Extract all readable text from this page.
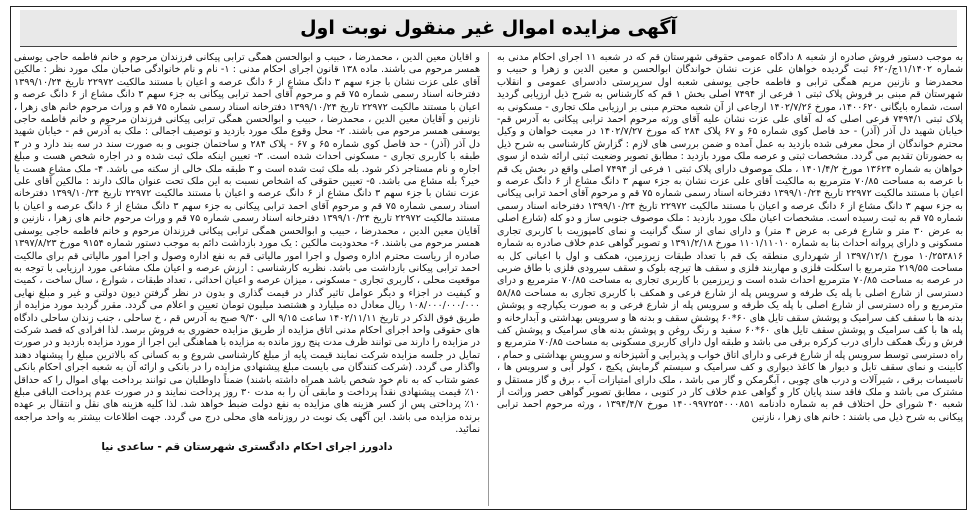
آگهی مزایده اموال غیر منقول نوبت اول

به موجب دستور فروش صادره از شعبه ۸ دادگاه عمومی حقوقی شهرستان قم که در شعبه ۱۱ اجرای احکام مدنی به شماره ۱۱/۱۴۰۲ج/۶۲۰ ثبت گردیده خواهان علی عزت نشان خواندگان ابوالحسن و معین الدین و زهرا و حبیب و محمدرضا و نازنین مریم همگی ترابی و فاطمه حاجی یوسفی شعبه اول سرپرستی دادسرای عمومی و انقلاب شهرستان قم مبنی بر فروش پلاک ثبتی ۱ فرعی از ۷۴۹۴ اصلی بخش ۱ قم که کارشناس به شرح ذیل ارزیابی گردید است، شماره بایگانی ۱۴۰۰۶۲۰، مورخ ۱۴۰۲/۷/۲۶ ارجاعی از آن شعبه محترم مبنی بر ارزیابی ملک تجاری - مسکونی به پلاک ثبتی ۷۴۹۴/۱ فرعی اصلی که له آقای علی عزت نشان علیه آقای ورثه مرحوم احمد ترابی پیکانی به آدرس قم- خیابان شهید دل آذر (آذر) - حد فاصل کوی شماره ۶۵ و ۶۷ پلاک ۲۸۴ که مورخ ۱۴۰۲/۷/۲۷ در معیت خواهان و وکیل محترم خواندگان از محل معرفی شده بازدید به عمل آمده و ضمن بررسی های لازم : گزارش کارشناسی به شرح ذیل به حضورتان تقدیم می گردد. مشخصات ثبتی و عرصه ملک مورد بازدید : مطابق تصویر وضعیت ثبتی ارائه شده از سوی خواهان به شماره ۱۳۶۲۴ مورخ ۱۴۰۱/۴/۲ ، ملک موصوف دارای پلاک ثبتی ۱ فرعی از ۷۴۹۴ اصلی واقع در بخش یک قم با عرصه به مساحت ۷۰/۸۵ مترمربع به مالکیت آقای علی عزت نشان به جزء سهم ۳ دانگ مشاع از ۶ دانگ عرصه و اعیان با مستند مالکیت ۲۲۹۷۲ تاریخ ۱۳۹۹/۱۰/۲۴ دفترخانه اسناد رسمی شماره ۷۵ قم و مرحوم آقای احمد ترابی پیکانی به جزء سهم ۳ دانگ مشاع از ۶ دانگ عرصه و اعیان با مستند مالکیت ۲۲۹۷۲ تاریخ ۱۳۹۹/۱۰/۲۴ دفترخانه اسناد رسمی شماره ۷۵ قم به ثبت رسیده است. مشخصات اعیان ملک مورد بازدید : ملک موصوف جنوبی ساز و دو کله (شارع اصلی به عرض ۳۰ متر و شارع فرعی به عرض ۴ متر) و دارای نمای از سنگ گرانیت و نمای کامپوزیت با کاربری تجاری مسکونی و دارای پروانه احداث بنا به شماره ۱۱۰۱/۱۱۰۱۰ مورخ ۱۳۹۱/۲/۱۸ و تصویر گواهی عدم خلاف صادره به شماره ۱۰/۲۵۳۸۱۶ مورخ ۱۳۹۷/۱۲/۱ از شهرداری منطقه یک قم با تعداد طبقات زیرزمین، همکف و اول با اعیانی کل به مساحت ۲۱۹/۵۵ مترمربع با اسکلت فلزی و مهاربند فلزی و سقف ها تیرچه بلوک و سقف سیرودی فلزی با طاق ضربی در عرصه به مساحت ۷۰/۸۵ مترمربع احداث شده است و زیرزمین با کاربری تجاری به مساحت ۷۰/۸۵ مترمربع و درای دسترسی از شارع اصلی با پله یک طرفه و سرویس پله از شارع فرعی و همکف با کاربری تجاری به مساحت ۵۸/۸۵ مترمربع و راه دسترسی از شارع اصلی با پله یک طرفه و سرویس پله از شارع فرعی و به صورت یکپارچه و پوشش بدنه ها با سقف کف سرامیک و پوشش سقف تایل های ۶۰*۶۰ پوشش سقف و بدنه ها و سرویس بهداشتی و آبدارخانه و پله ها با کف سرامیک و پوشش سقف تایل های ۶۰*۶۰ سفید و رنگ روغن و پوشش بدنه های سرامیک و پوشش کف فرش و رنگ همکف دارای درب کرکره برقی می باشد و طبقه اول دارای کاربری مسکونی به مساحت ۷۰/۸۵ مترمربع و راه دسترسی توسط سرویس پله از شارع فرعی و دارای اتاق خواب و پذیرایی و آشپزخانه و سرویس بهداشتی و حمام ، کابینت و نمای سقف تایل و دیوار ها کاغذ دیواری و کف سرامیک و سیستم گرمایش پکیج ، کولر آبی و سرویس ها ، تاسیسات برقی ، شیرآلات و درب های چوبی ، آبگرمکن و گاز می باشد ، ملک دارای امتیازات آب ، برق و گاز مستقل و مشترک می باشد و ملک فاقد سند پایان کار و گواهی عدم خلاف کار در کتوبی ، مطابق تصویر گواهی حصر وراثت از شعبه ۴۰ شورای حل اختلاف قم به شماره دادنامه ۱۴۰۰۹۹۷۲۵۴۰۰۰۸۵۱ مورخ ۱۳۹۴/۴/۷ ، ورثه مرحوم احمد ترابی پیکانی به شرح ذیل می باشند : خانم های زهرا ، نازنین

و آقایان معین الدین ، محمدرضا ، حبیب و ابوالحسن همگی ترابی پیکانی فرزندان مرحوم و خانم فاطمه حاجی یوسفی همسر مرحوم می باشند. ماده ۱۳۸ قانون اجرای احکام مدنی : ۱- نام و نام خانوادگی صاحبان ملک مورد نظر : مالکین آقای علی عزت نشان با جزء سهم ۳ دانگ مشاع از ۶ دانگ عرصه و اعیان با مستند مالکیت ۲۲۹۷۲ تاریخ ۱۳۹۹/۱۰/۲۴ دفترخانه اسناد رسمی شماره ۷۵ قم و مرحوم آقای احمد ترابی پیکانی به جزء سهم ۳ دانگ مشاع از ۶ دانگ عرصه و اعیان با مستند مالکیت ۲۲۹۷۲ تاریخ ۱۳۹۹/۱۰/۲۴ دفترخانه اسناد رسمی شماره ۷۵ قم و وراث مرحوم خانم های زهرا ، نازنین و آقایان معین الدین ، محمدرضا ، حبیب و ابوالحسن همگی ترابی پیکانی فرزندان مرحوم و خانم فاطمه حاجی یوسفی همسر مرحوم می باشند. ۲- محل وقوع ملک مورد بازدید و توصیف اجمالی : ملک به آدرس قم - خیابان شهید دل آذر (آذر) - حد فاصل کوی شماره ۶۵ و ۶۷ - پلاک ۲۸۴ و ساختمان جنوبی و به صورت سند در سه بند دارد و در ۳ طبقه با کاربری تجاری - مسکونی احداث شده است. ۳- تعیین اینکه ملک ثبت شده و در اجاره شخص هست و مبلغ اجاره و نام مستاجر ذکر شود. بله ملک ثبت شده است و ۳ طبقه ملک خالی از سکنه می باشد. ۴- ملک مشاع هست یا خیر؟ بله مشاع می باشد. ۵- تعیین حقوقی که اشخاص نسبت به این ملک تحت عنوان مالک دارند : مالکین آقای علی عزت نشان با جزء سهم ۳ دانگ مشاع از ۶ دانگ عرصه و اعیان با مستند مالکیت ۲۲۹۷۲ تاریخ ۱۳۹۹/۱۰/۲۴ دفترخانه اسناد رسمی شماره ۷۵ قم و مرحوم آقای احمد ترابی پیکانی به جزء سهم ۳ دانگ مشاع از ۶ دانگ عرصه و اعیان با مستند مالکیت ۲۲۹۷۲ تاریخ ۱۳۹۹/۱۰/۲۴ دفترخانه اسناد رسمی شماره ۷۵ قم و وراث مرحوم خانم های زهرا ، نازنین و آقایان معین الدین ، محمدرضا ، حبیب و ابوالحسن همگی ترابی پیکانی فرزندان مرحوم و خانم فاطمه حاجی یوسفی همسر مرحوم می باشند. ۶- محدودیت مالکین : یک مورد بازداشت دائم به موجب دستور شماره ۹۱۵۴ مورخ ۱۳۹۷/۸/۲۳ صادره از ریاست محترم اداره وصول و اجرا امور مالیاتی قم به نفع اداره وصول و اجرا امور مالیاتی قم برای مالکیت احمد ترابی پیکانی بازداشت می باشد. نظریه کارشناسی : ارزش عرصه و اعیان ملک مشاعی مورد ارزیابی با توجه به موقعیت محلی ، کاربری تجاری - مسکونی ، میزان عرصه و اعیان احداثی ، تعداد طبقات ، شوارع ، سال ساخت ، کمیت و کیفیت در اجزاء و دیگر عوامل تاثیر گذار در قیمت گذاری و بدون در نظر گرفتن دیون دولتی و غیر و مبلغ نهایی ۱۰۸/۰۰۰/۰۰۰/۰۰۰ ریال معادل ده میلیارد و هشتصد میلیون تومان تعیین و اعلام می گردد. مقرر گردید مورد مزایده از طریق فوق الذکر در تاریخ ۱۴۰۲/۱۱/۱۱ ساعت ۹/۱۵ الی ۹/۳۰ صبح به آدرس قم ، خ ساحلی ، جنب زندان ساحلی دادگاه های حقوقی واحد اجرای احکام مدنی اتاق مزایده از طریق مزایده حضوری به فروش برسد. لذا افرادی که قصد شرکت در مزایده را دارند می توانند ظرف مدت پنج روز مانده به مزایده با هماهنگی این اجرا از مورد مزایده بازدید و در صورت تمایل در جلسه مزایده شرکت نمایند قیمت پایه از مبلغ کارشناسی شروع و به کسانی که بالاترین مبلغ را پیشنهاد دهند واگذار می گردد. (شرکت کنندگان می بایست مبلغ پیشنهادی مزایده را در بانکی و ارائه آن به شعبه اجرای احکام بانکی عضو شتاب که به نام خود شخص باشد همراه داشته باشند) ضمناً داوطلبان می توانند برداخت بهای اموال را که حداقل ۱۰٪ قیمت پیشنهادی نقداً پرداخت و مابقی آن را به مدت ۳۰ روز پرداخت نمایند و در صورت عدم پرداخت الباقی مبلغ ۱۰٪ پرداختی پس از کسر هزینه های مزایده به نفع دولت ضبط خواهد شد. لذا کلیه هزینه های نقل و انتقال بر عهده برنده مزایده می باشد. این آگهی یک نوبت در روزنامه های محلی درج می گردد. جهت اطلاعات بیشتر به واحد مراجعه نمائید.

دادورز اجرای احکام دادگستری شهرستان قم - ساعدی نیا
